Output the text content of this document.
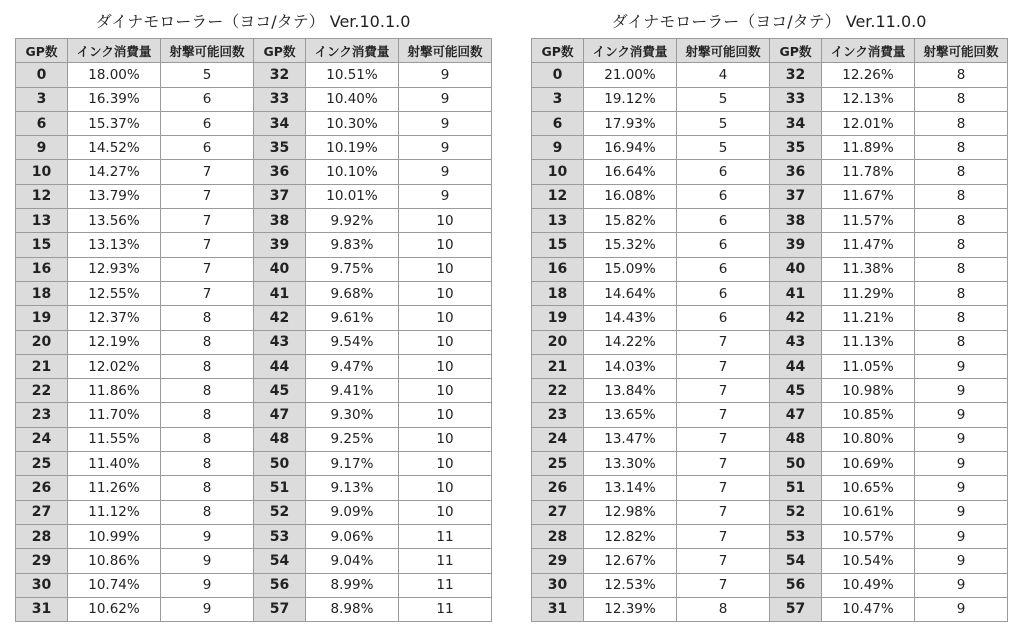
ダイナモローラー（ヨコ/タテ） Ver.10.1.0
GP数	インク消費量	射撃可能回数	GP数	インク消費量	射撃可能回数
0	18.00%	5	32	10.51%	9
3	16.39%	6	33	10.40%	9
6	15.37%	6	34	10.30%	9
9	14.52%	6	35	10.19%	9
10	14.27%	7	36	10.10%	9
12	13.79%	7	37	10.01%	9
13	13.56%	7	38	9.92%	10
15	13.13%	7	39	9.83%	10
16	12.93%	7	40	9.75%	10
18	12.55%	7	41	9.68%	10
19	12.37%	8	42	9.61%	10
20	12.19%	8	43	9.54%	10
21	12.02%	8	44	9.47%	10
22	11.86%	8	45	9.41%	10
23	11.70%	8	47	9.30%	10
24	11.55%	8	48	9.25%	10
25	11.40%	8	50	9.17%	10
26	11.26%	8	51	9.13%	10
27	11.12%	8	52	9.09%	10
28	10.99%	9	53	9.06%	11
29	10.86%	9	54	9.04%	11
30	10.74%	9	56	8.99%	11
31	10.62%	9	57	8.98%	11
ダイナモローラー（ヨコ/タテ） Ver.11.0.0
GP数	インク消費量	射撃可能回数	GP数	インク消費量	射撃可能回数
0	21.00%	4	32	12.26%	8
3	19.12%	5	33	12.13%	8
6	17.93%	5	34	12.01%	8
9	16.94%	5	35	11.89%	8
10	16.64%	6	36	11.78%	8
12	16.08%	6	37	11.67%	8
13	15.82%	6	38	11.57%	8
15	15.32%	6	39	11.47%	8
16	15.09%	6	40	11.38%	8
18	14.64%	6	41	11.29%	8
19	14.43%	6	42	11.21%	8
20	14.22%	7	43	11.13%	8
21	14.03%	7	44	11.05%	9
22	13.84%	7	45	10.98%	9
23	13.65%	7	47	10.85%	9
24	13.47%	7	48	10.80%	9
25	13.30%	7	50	10.69%	9
26	13.14%	7	51	10.65%	9
27	12.98%	7	52	10.61%	9
28	12.82%	7	53	10.57%	9
29	12.67%	7	54	10.54%	9
30	12.53%	7	56	10.49%	9
31	12.39%	8	57	10.47%	9
